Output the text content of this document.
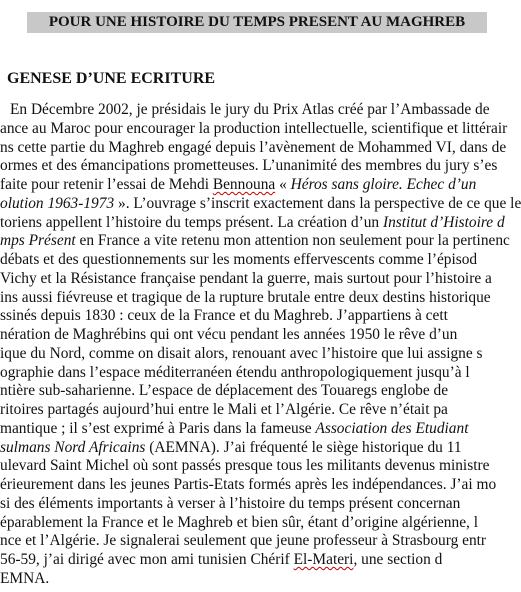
POUR UNE HISTOIRE DU TEMPS PRESENT AU MAGHREB
GENESE D’UNE ECRITURE
En Décembre 2002, je présidais le jury du Prix Atlas créé par l’Ambassade de
ance au Maroc pour encourager la production intellectuelle, scientifique et littérair
ns cette partie du Maghreb engagé depuis l’avènement de Mohammed VI, dans de
ormes et des émancipations prometteuses. L’unanimité des membres du jury s’es
faite pour retenir l’essai de Mehdi Bennouna « Héros sans gloire. Echec d’un
olution 1963-1973 ». L’ouvrage s’inscrit exactement dans la perspective de ce que le
toriens appellent l’histoire du temps présent. La création d’un Institut d’Histoire d
mps Présent en France a vite retenu mon attention non seulement pour la pertinenc
débats et des questionnements sur les moments effervescents comme l’épisod
Vichy et la Résistance française pendant la guerre, mais surtout pour l’histoire a
ins aussi fiévreuse et tragique de la rupture brutale entre deux destins historique
ssinés depuis 1830 : ceux de la France et du Maghreb. J’appartiens à cett
nération de Maghrébins qui ont vécu pendant les années 1950 le rêve d’un
ique du Nord, comme on disait alors, renouant avec l’histoire que lui assigne s
ographie dans l’espace méditerranéen étendu anthropologiquement jusqu’à l
ntière sub-saharienne. L’espace de déplacement des Touaregs englobe de
ritoires partagés aujourd’hui entre le Mali et l’Algérie. Ce rêve n’était pa
mantique ; il s’est exprimé à Paris dans la fameuse Association des Etudiant
sulmans Nord Africains (AEMNA). J’ai fréquenté le siège historique du 11
ulevard Saint Michel où sont passés presque tous les militants devenus ministre
érieurement dans les jeunes Partis-Etats formés après les indépendances. J’ai mo
si des éléments importants à verser à l’histoire du temps présent concernan
éparablement la France et le Maghreb et bien sûr, étant d’origine algérienne, l
nce et l’Algérie. Je signalerai seulement que jeune professeur à Strasbourg entr
56-59, j’ai dirigé avec mon ami tunisien Chérif El-Materi, une section d
EMNA.
